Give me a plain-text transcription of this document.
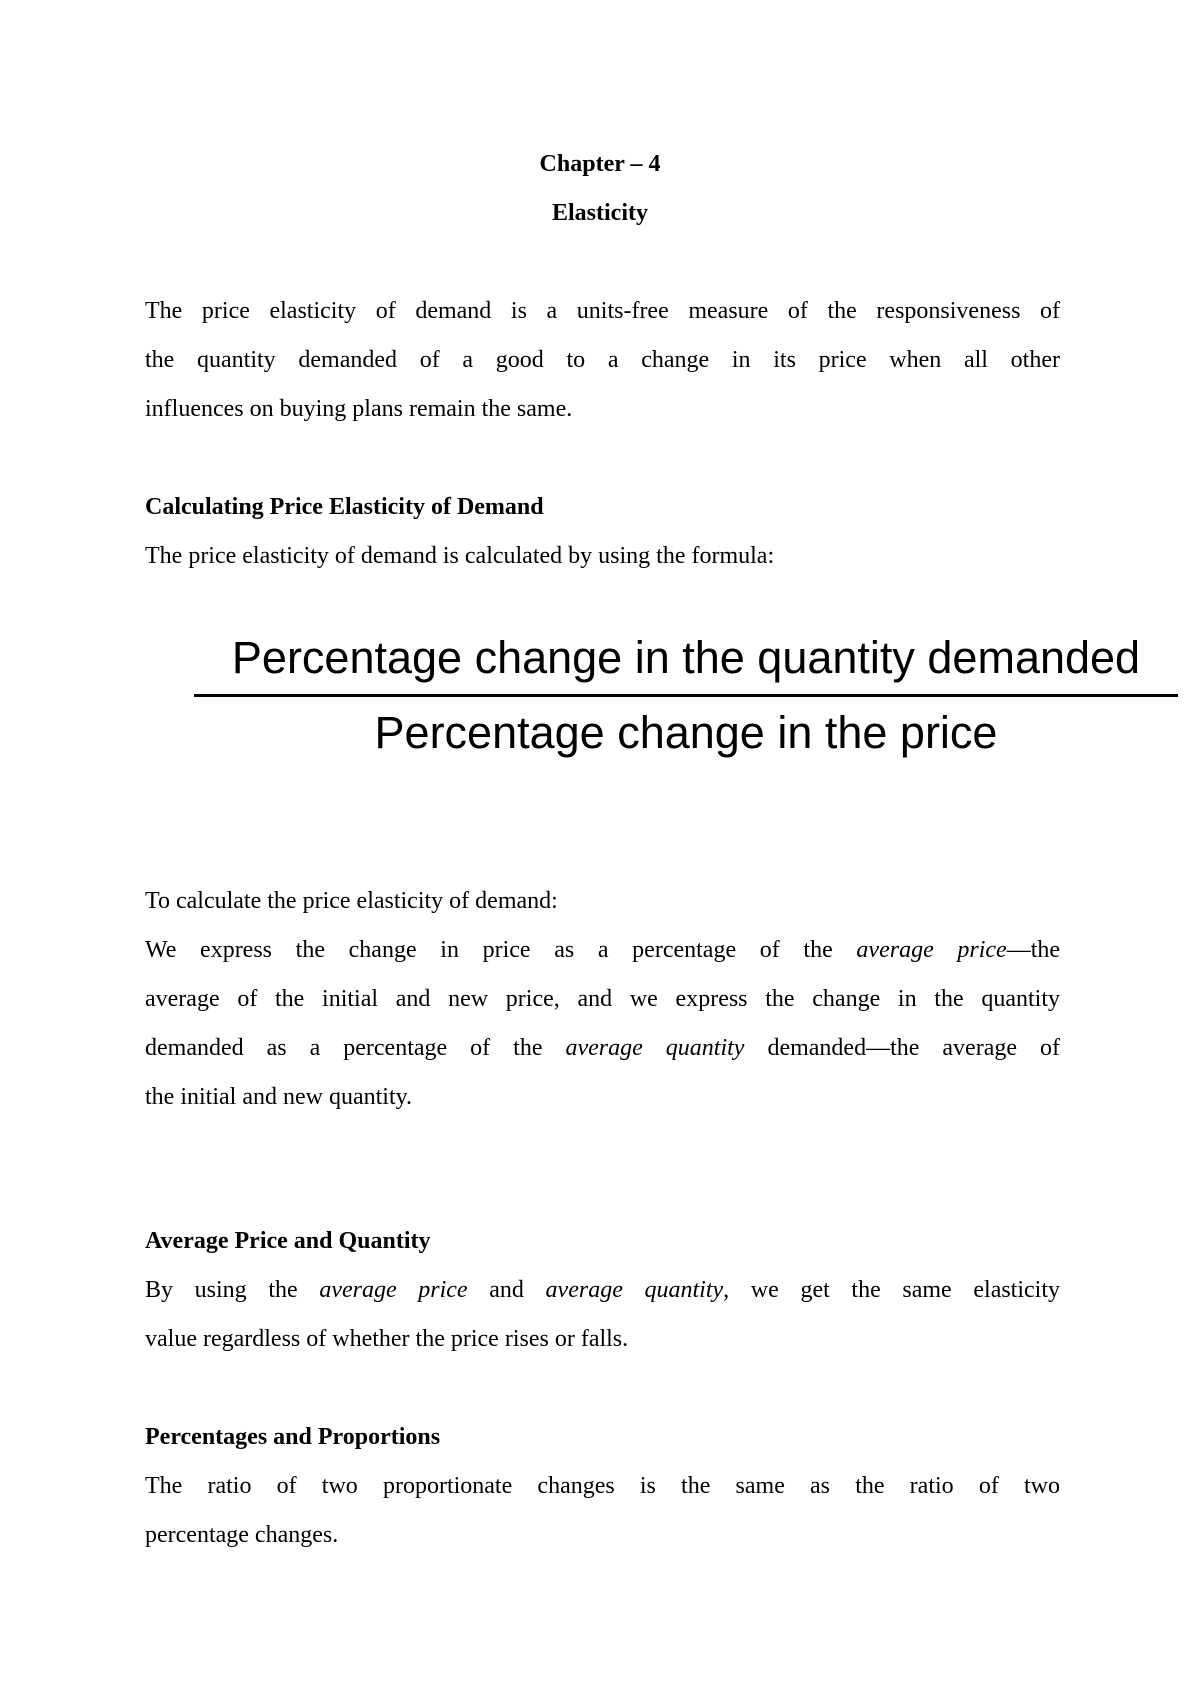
Chapter – 4
Elasticity
The price elasticity of demand is a units-free measure of the responsiveness of
the quantity demanded of a good to a change in its price when all other
influences on buying plans remain the same.
Calculating Price Elasticity of Demand
The price elasticity of demand is calculated by using the formula:
Percentage change in the quantity demanded
Percentage change in the price
To calculate the price elasticity of demand:
We express the change in price as a percentage of the average price—the
average of the initial and new price, and we express the change in the quantity
demanded as a percentage of the average quantity demanded—the average of
the initial and new quantity.
Average Price and Quantity
By using the average price and average quantity, we get the same elasticity
value regardless of whether the price rises or falls.
Percentages and Proportions
The ratio of two proportionate changes is the same as the ratio of two
percentage changes.
